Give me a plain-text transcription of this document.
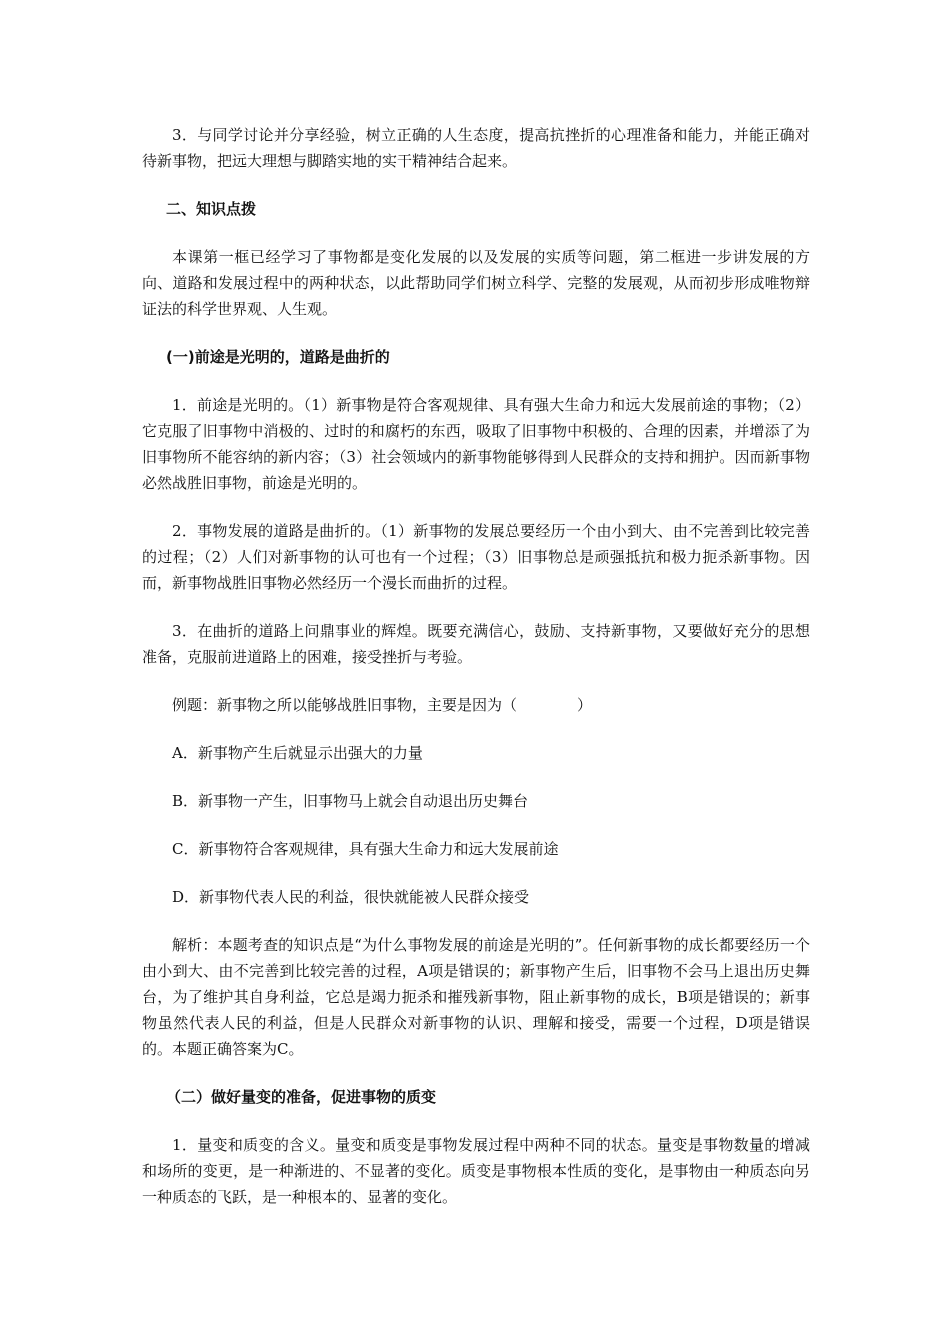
3．与同学讨论并分享经验，树立正确的人生态度，提高抗挫折的心理准备和能力，并能正确对待新事物，把远大理想与脚踏实地的实干精神结合起来。

二、知识点拨

本课第一框已经学习了事物都是变化发展的以及发展的实质等问题，第二框进一步讲发展的方向、道路和发展过程中的两种状态，以此帮助同学们树立科学、完整的发展观，从而初步形成唯物辩证法的科学世界观、人生观。

(一)前途是光明的，道路是曲折的

1．前途是光明的。（1）新事物是符合客观规律、具有强大生命力和远大发展前途的事物；（2）它克服了旧事物中消极的、过时的和腐朽的东西，吸取了旧事物中积极的、合理的因素，并增添了为旧事物所不能容纳的新内容；（3）社会领域内的新事物能够得到人民群众的支持和拥护。因而新事物必然战胜旧事物，前途是光明的。

2．事物发展的道路是曲折的。（1）新事物的发展总要经历一个由小到大、由不完善到比较完善的过程；（2）人们对新事物的认可也有一个过程；（3）旧事物总是顽强抵抗和极力扼杀新事物。因而，新事物战胜旧事物必然经历一个漫长而曲折的过程。

3．在曲折的道路上问鼎事业的辉煌。既要充满信心，鼓励、支持新事物，又要做好充分的思想准备，克服前进道路上的困难，接受挫折与考验。

例题：新事物之所以能够战胜旧事物，主要是因为（　　　　）

A．新事物产生后就显示出强大的力量

B．新事物一产生，旧事物马上就会自动退出历史舞台

C．新事物符合客观规律，具有强大生命力和远大发展前途

D．新事物代表人民的利益，很快就能被人民群众接受

解析：本题考查的知识点是“为什么事物发展的前途是光明的”。任何新事物的成长都要经历一个由小到大、由不完善到比较完善的过程，A项是错误的；新事物产生后，旧事物不会马上退出历史舞台，为了维护其自身利益，它总是竭力扼杀和摧残新事物，阻止新事物的成长，B项是错误的；新事物虽然代表人民的利益，但是人民群众对新事物的认识、理解和接受，需要一个过程，D项是错误的。本题正确答案为C。

（二）做好量变的准备，促进事物的质变

1．量变和质变的含义。量变和质变是事物发展过程中两种不同的状态。量变是事物数量的增减和场所的变更，是一种渐进的、不显著的变化。质变是事物根本性质的变化，是事物由一种质态向另一种质态的飞跃，是一种根本的、显著的变化。
